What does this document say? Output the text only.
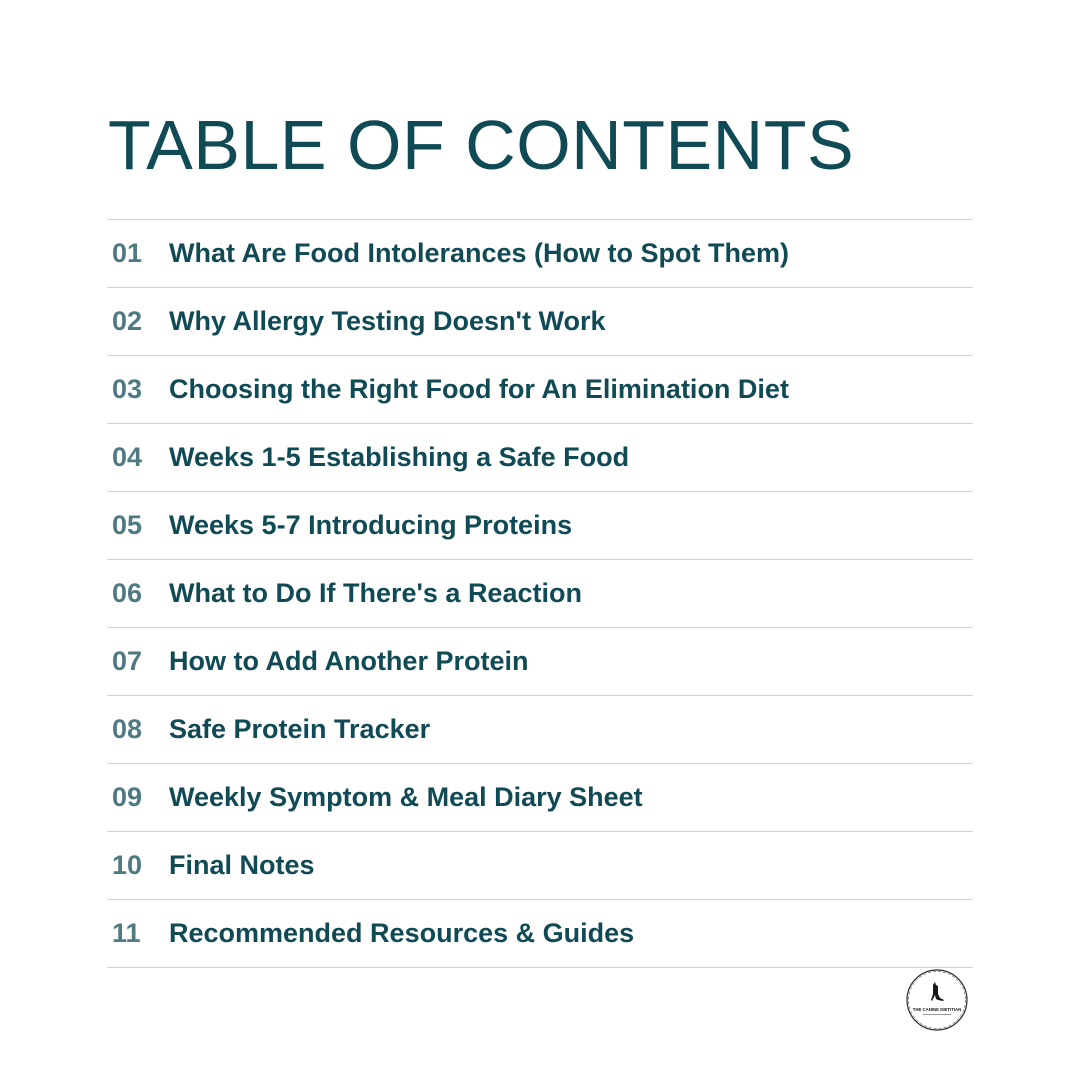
TABLE OF CONTENTS
01 What Are Food Intolerances (How to Spot Them)
02 Why Allergy Testing Doesn't Work
03 Choosing the Right Food for An Elimination Diet
04 Weeks 1-5 Establishing a Safe Food
05 Weeks 5-7 Introducing Proteins
06 What to Do If There's a Reaction
07 How to Add Another Protein
08 Safe Protein Tracker
09 Weekly Symptom & Meal Diary Sheet
10 Final Notes
11	Recommended Resources & Guides
THE CANINE DIETITIAN
